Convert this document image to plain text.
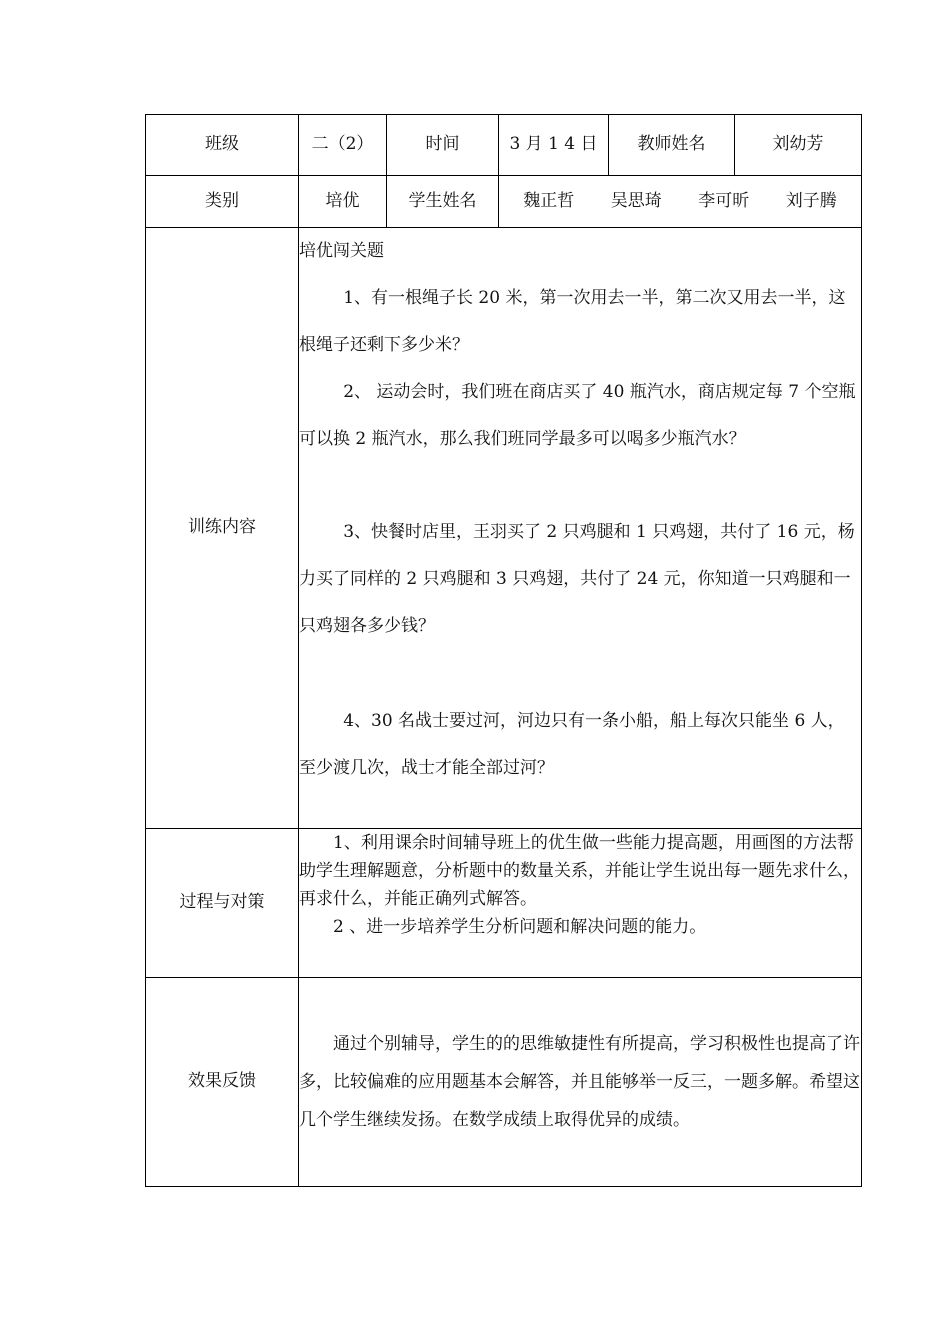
班级	二（2）	时间	3 月 1 4 日	教师姓名	刘幼芳
类别	培优	学生姓名	魏正哲 吴思琦 李可昕 刘子腾		

训练内容	培优闯关题

1、有一根绳子长 20 米，第一次用去一半，第二次又用去一半，这根绳子还剩下多少米？

2、 运动会时，我们班在商店买了 40 瓶汽水，商店规定每 7 个空瓶可以换 2 瓶汽水，那么我们班同学最多可以喝多少瓶汽水？

3、快餐时店里，王羽买了 2 只鸡腿和 1 只鸡翅，共付了 16 元，杨力买了同样的 2 只鸡腿和 3 只鸡翅，共付了 24 元，你知道一只鸡腿和一只鸡翅各多少钱？

4、30 名战士要过河，河边只有一条小船，船上每次只能坐 6 人，至少渡几次，战士才能全部过河？				

过程与对策	1、利用课余时间辅导班上的优生做一些能力提高题，用画图的方法帮助学生理解题意，分析题中的数量关系，并能让学生说出每一题先求什么，再求什么，并能正确列式解答。

2 、进一步培养学生分析问题和解决问题的能力。				

效果反馈	通过个别辅导，学生的的思维敏捷性有所提高，学习积极性也提高了许多，比较偏难的应用题基本会解答，并且能够举一反三，一题多解。希望这几个学生继续发扬。在数学成绩上取得优异的成绩。				
